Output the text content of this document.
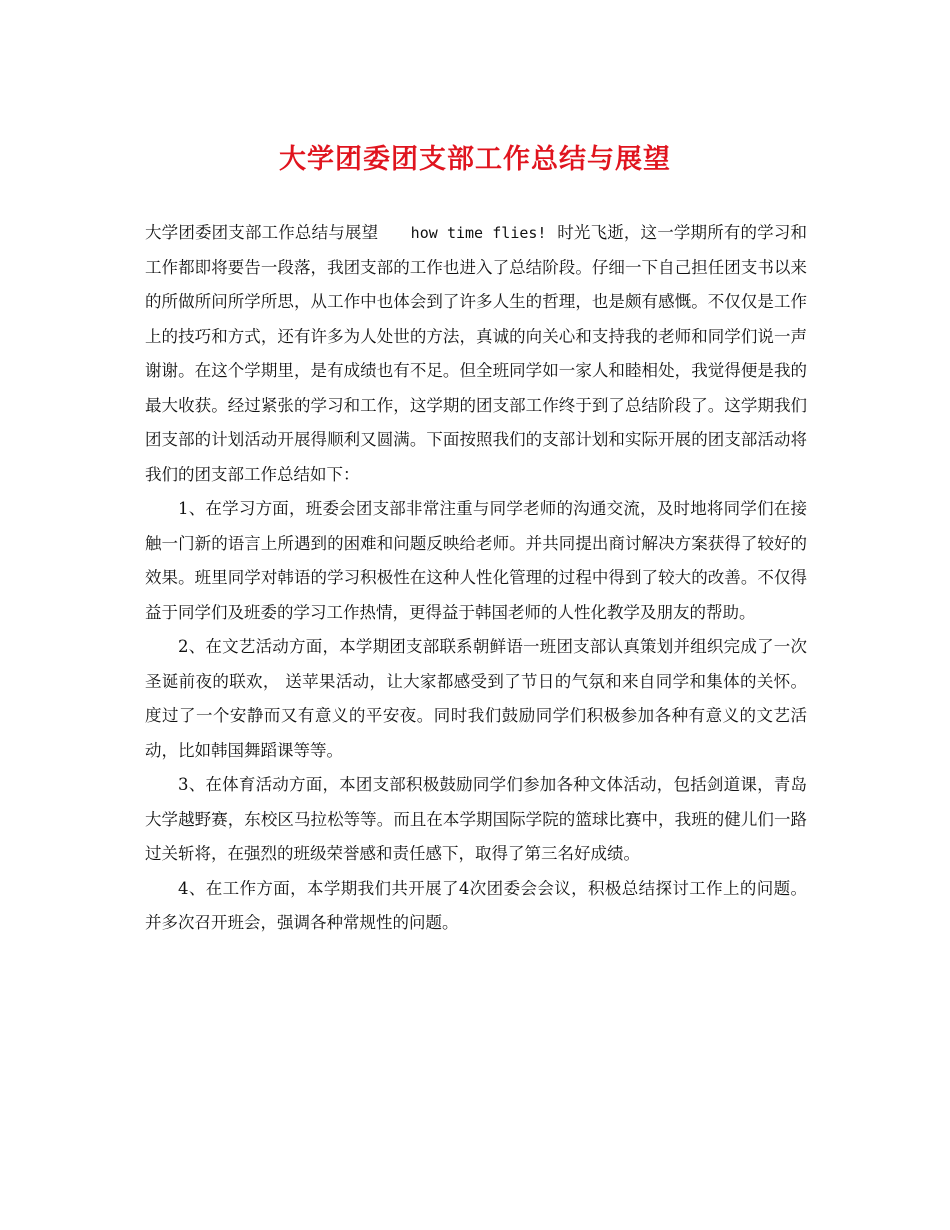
大学团委团支部工作总结与展望

大学团委团支部工作总结与展望 how time flies! 时光飞逝，这一学期所有的学习和工作都即将要告一段落，我团支部的工作也进入了总结阶段。仔细一下自己担任团支书以来的所做所问所学所思，从工作中也体会到了许多人生的哲理，也是颇有感慨。不仅仅是工作上的技巧和方式，还有许多为人处世的方法，真诚的向关心和支持我的老师和同学们说一声谢谢。在这个学期里，是有成绩也有不足。但全班同学如一家人和睦相处，我觉得便是我的最大收获。经过紧张的学习和工作，这学期的团支部工作终于到了总结阶段了。这学期我们团支部的计划活动开展得顺利又圆满。下面按照我们的支部计划和实际开展的团支部活动将我们的团支部工作总结如下：

1、在学习方面，班委会团支部非常注重与同学老师的沟通交流，及时地将同学们在接触一门新的语言上所遇到的困难和问题反映给老师。并共同提出商讨解决方案获得了较好的效果。班里同学对韩语的学习积极性在这种人性化管理的过程中得到了较大的改善。不仅得益于同学们及班委的学习工作热情，更得益于韩国老师的人性化教学及朋友的帮助。

2、在文艺活动方面，本学期团支部联系朝鲜语一班团支部认真策划并组织完成了一次圣诞前夜的联欢， 送苹果活动，让大家都感受到了节日的气氛和来自同学和集体的关怀。度过了一个安静而又有意义的平安夜。同时我们鼓励同学们积极参加各种有意义的文艺活动，比如韩国舞蹈课等等。

3、在体育活动方面，本团支部积极鼓励同学们参加各种文体活动，包括剑道课，青岛大学越野赛，东校区马拉松等等。而且在本学期国际学院的篮球比赛中，我班的健儿们一路过关斩将，在强烈的班级荣誉感和责任感下，取得了第三名好成绩。

4、在工作方面，本学期我们共开展了4次团委会会议，积极总结探讨工作上的问题。并多次召开班会，强调各种常规性的问题。
